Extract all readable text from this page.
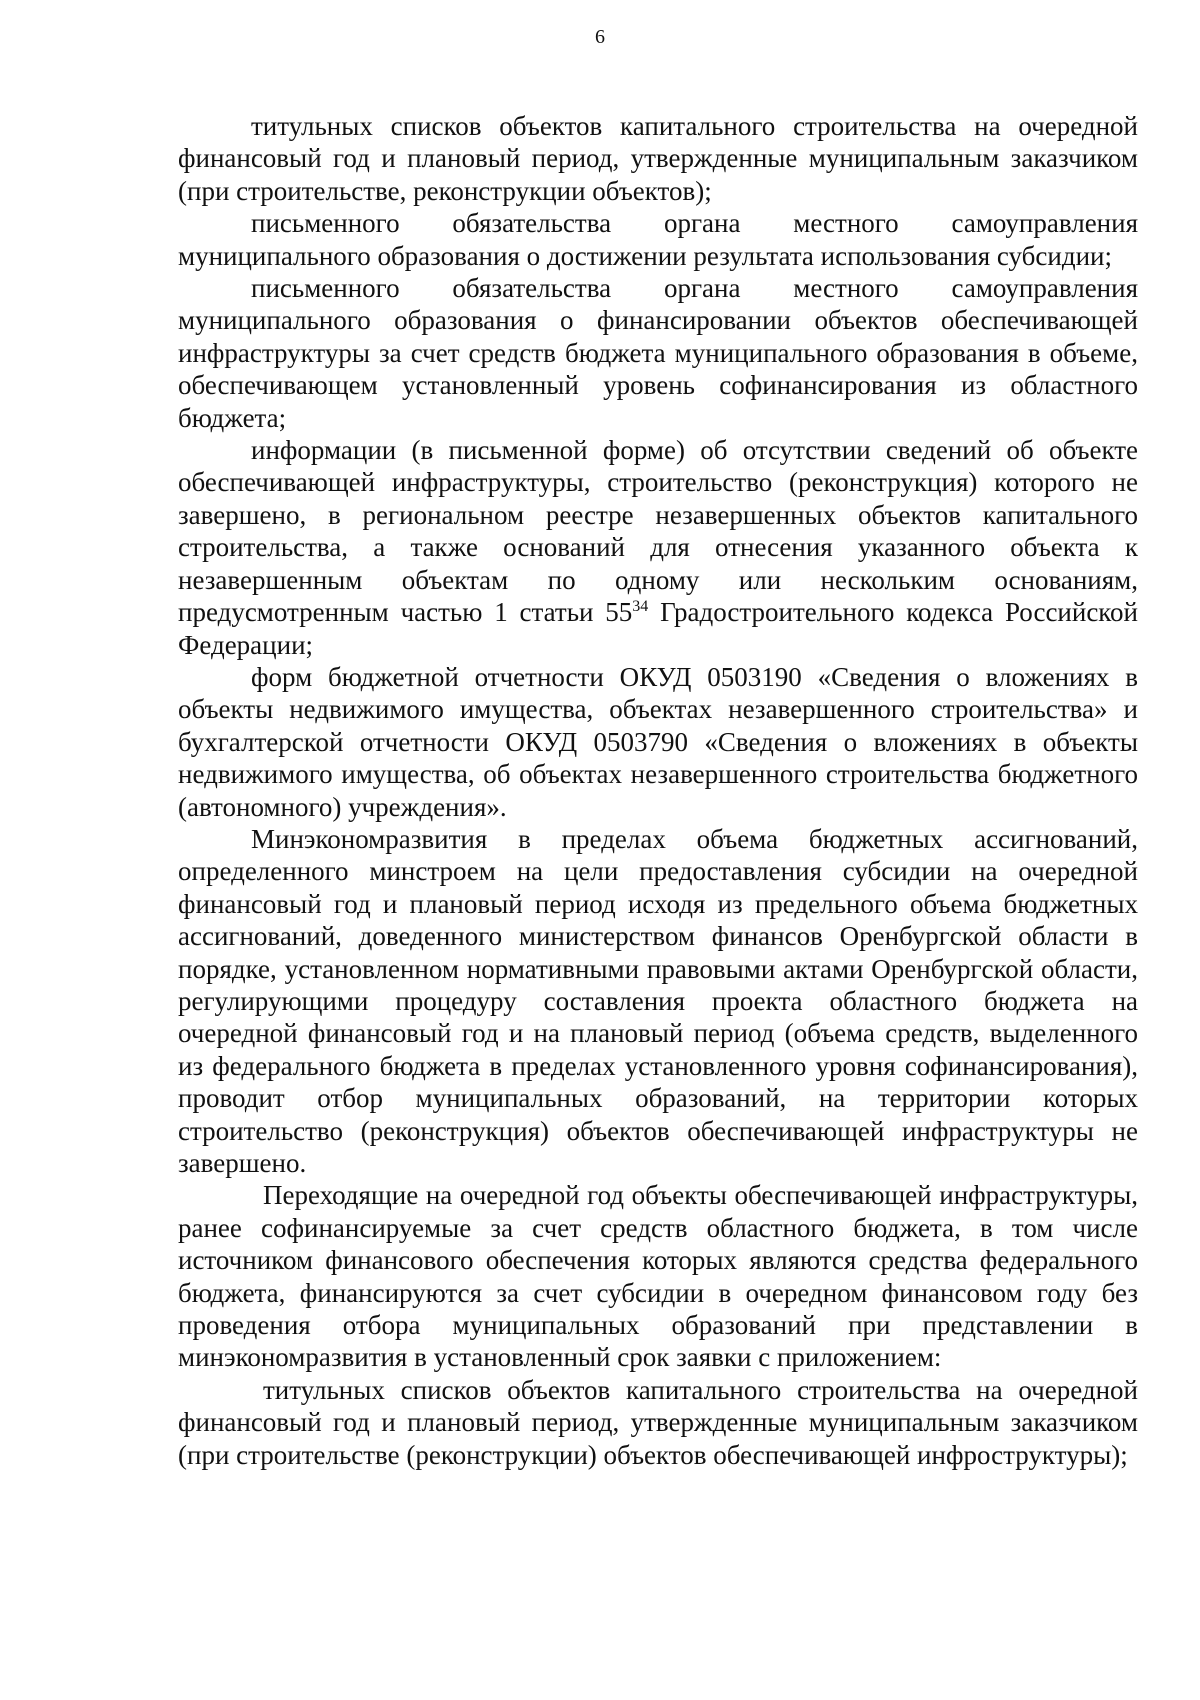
6

титульных списков объектов капитального строительства на очередной финансовый год и плановый период, утвержденные муниципальным заказчиком (при строительстве, реконструкции объектов);

письменного обязательства органа местного самоуправления муниципального образования о достижении результата использования субсидии;

письменного обязательства органа местного самоуправления муниципального образования о финансировании объектов обеспечивающей инфраструктуры за счет средств бюджета муниципального образования в объеме, обеспечивающем установленный уровень софинансирования из областного бюджета;

информации (в письменной форме) об отсутствии сведений об объекте обеспечивающей инфраструктуры, строительство (реконструкция) которого не завершено, в региональном реестре незавершенных объектов капитального строительства, а также оснований для отнесения указанного объекта к незавершенным объектам по одному или нескольким основаниям, предусмотренным частью 1 статьи $55^{34}$ Градостроительного кодекса Российской Федерации;

форм бюджетной отчетности ОКУД 0503190 «Сведения о вложениях в объекты недвижимого имущества, объектах незавершенного строительства» и бухгалтерской отчетности ОКУД 0503790 «Сведения о вложениях в объекты недвижимого имущества, об объектах незавершенного строительства бюджетного (автономного) учреждения».

Минэкономразвития в пределах объема бюджетных ассигнований, определенного минстроем на цели предоставления субсидии на очередной финансовый год и плановый период исходя из предельного объема бюджетных ассигнований, доведенного министерством финансов Оренбургской области в порядке, установленном нормативными правовыми актами Оренбургской области, регулирующими процедуру составления проекта областного бюджета на очередной финансовый год и на плановый период (объема средств, выделенного из федерального бюджета в пределах установленного уровня софинансирования), проводит отбор муниципальных образований, на территории которых строительство (реконструкция) объектов обеспечивающей инфраструктуры не завершено.

Переходящие на очередной год объекты обеспечивающей инфраструктуры, ранее софинансируемые за счет средств областного бюджета, в том числе источником финансового обеспечения которых являются средства федерального бюджета, финансируются за счет субсидии в очередном финансовом году без проведения отбора муниципальных образований при представлении в минэкономразвития в установленный срок заявки с приложением:

титульных списков объектов капитального строительства на очередной финансовый год и плановый период, утвержденные муниципальным заказчиком (при строительстве (реконструкции) объектов обеспечивающей инфроструктуры);
